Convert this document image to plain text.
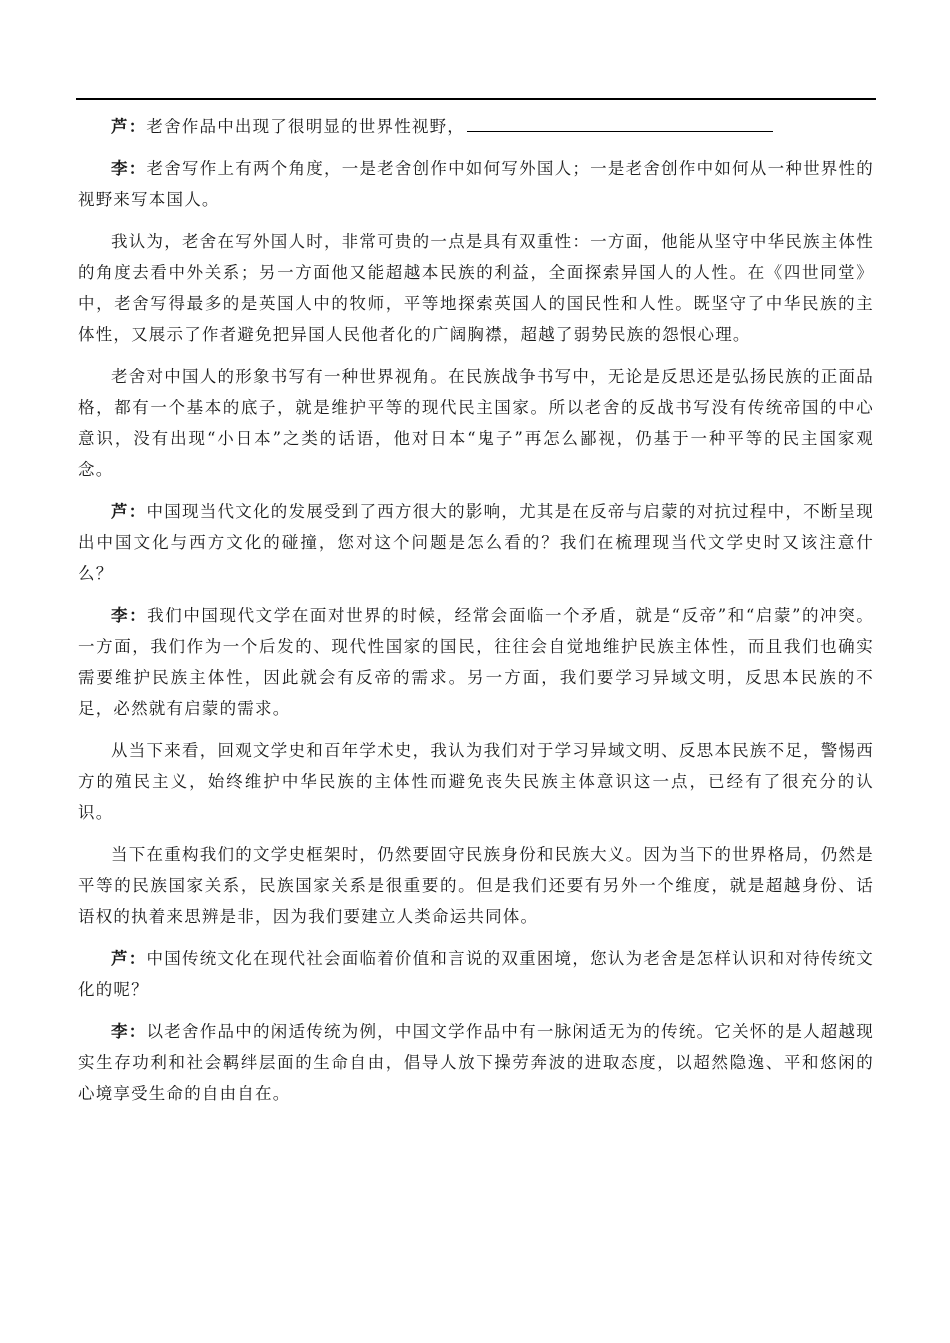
芦：老舍作品中出现了很明显的世界性视野，

李：老舍写作上有两个角度，一是老舍创作中如何写外国人；一是老舍创作中如何从一种世界性的视野来写本国人。

我认为，老舍在写外国人时，非常可贵的一点是具有双重性：一方面，他能从坚守中华民族主体性的角度去看中外关系；另一方面他又能超越本民族的利益，全面探索异国人的人性。在《四世同堂》中，老舍写得最多的是英国人中的牧师，平等地探索英国人的国民性和人性。既坚守了中华民族的主体性，又展示了作者避免把异国人民他者化的广阔胸襟，超越了弱势民族的怨恨心理。

老舍对中国人的形象书写有一种世界视角。在民族战争书写中，无论是反思还是弘扬民族的正面品格，都有一个基本的底子，就是维护平等的现代民主国家。所以老舍的反战书写没有传统帝国的中心意识，没有出现“小日本”之类的话语，他对日本“鬼子”再怎么鄙视，仍基于一种平等的民主国家观念。

芦：中国现当代文化的发展受到了西方很大的影响，尤其是在反帝与启蒙的对抗过程中，不断呈现出中国文化与西方文化的碰撞，您对这个问题是怎么看的？我们在梳理现当代文学史时又该注意什么？

李：我们中国现代文学在面对世界的时候，经常会面临一个矛盾，就是“反帝”和“启蒙”的冲突。一方面，我们作为一个后发的、现代性国家的国民，往往会自觉地维护民族主体性，而且我们也确实需要维护民族主体性，因此就会有反帝的需求。另一方面，我们要学习异域文明，反思本民族的不足，必然就有启蒙的需求。

从当下来看，回观文学史和百年学术史，我认为我们对于学习异域文明、反思本民族不足，警惕西方的殖民主义，始终维护中华民族的主体性而避免丧失民族主体意识这一点，已经有了很充分的认识。

当下在重构我们的文学史框架时，仍然要固守民族身份和民族大义。因为当下的世界格局，仍然是平等的民族国家关系，民族国家关系是很重要的。但是我们还要有另外一个维度，就是超越身份、话语权的执着来思辨是非，因为我们要建立人类命运共同体。

芦：中国传统文化在现代社会面临着价值和言说的双重困境，您认为老舍是怎样认识和对待传统文化的呢？

李：以老舍作品中的闲适传统为例，中国文学作品中有一脉闲适无为的传统。它关怀的是人超越现实生存功利和社会羁绊层面的生命自由，倡导人放下操劳奔波的进取态度，以超然隐逸、平和悠闲的心境享受生命的自由自在。
